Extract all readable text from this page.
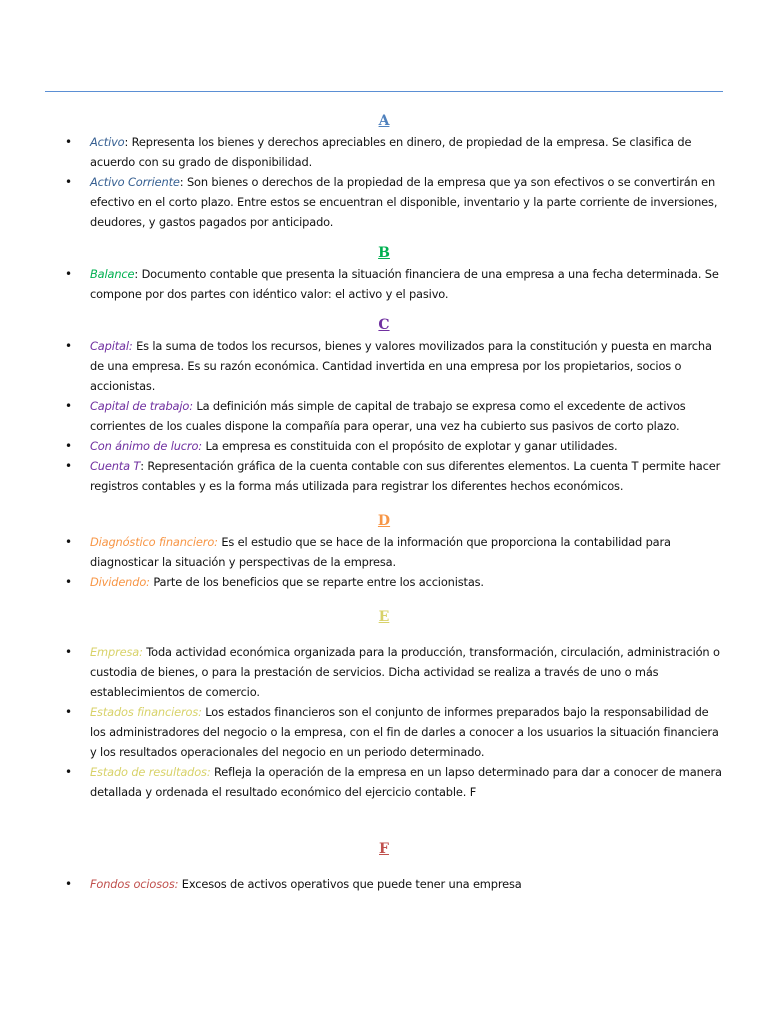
A
• Activo: Representa los bienes y derechos apreciables en dinero, de propiedad de la empresa. Se clasifica de acuerdo con su grado de disponibilidad.
• Activo Corriente: Son bienes o derechos de la propiedad de la empresa que ya son efectivos o se convertirán en efectivo en el corto plazo. Entre estos se encuentran el disponible, inventario y la parte corriente de inversiones, deudores, y gastos pagados por anticipado.
B
• Balance: Documento contable que presenta la situación financiera de una empresa a una fecha determinada. Se compone por dos partes con idéntico valor: el activo y el pasivo.
C
• Capital: Es la suma de todos los recursos, bienes y valores movilizados para la constitución y puesta en marcha de una empresa. Es su razón económica. Cantidad invertida en una empresa por los propietarios, socios o accionistas.
• Capital de trabajo: La definición más simple de capital de trabajo se expresa como el excedente de activos corrientes de los cuales dispone la compañía para operar, una vez ha cubierto sus pasivos de corto plazo.
• Con ánimo de lucro: La empresa es constituida con el propósito de explotar y ganar utilidades.
• Cuenta T: Representación gráfica de la cuenta contable con sus diferentes elementos. La cuenta T permite hacer registros contables y es la forma más utilizada para registrar los diferentes hechos económicos.
D
• Diagnóstico financiero: Es el estudio que se hace de la información que proporciona la contabilidad para diagnosticar la situación y perspectivas de la empresa.
• Dividendo: Parte de los beneficios que se reparte entre los accionistas.
E
• Empresa: Toda actividad económica organizada para la producción, transformación, circulación, administración o custodia de bienes, o para la prestación de servicios. Dicha actividad se realiza a través de uno o más establecimientos de comercio.
• Estados financieros: Los estados financieros son el conjunto de informes preparados bajo la responsabilidad de los administradores del negocio o la empresa, con el fin de darles a conocer a los usuarios la situación financiera y los resultados operacionales del negocio en un periodo determinado.
• Estado de resultados: Refleja la operación de la empresa en un lapso determinado para dar a conocer de manera detallada y ordenada el resultado económico del ejercicio contable. F
F
• Fondos ociosos: Excesos de activos operativos que puede tener una empresa
